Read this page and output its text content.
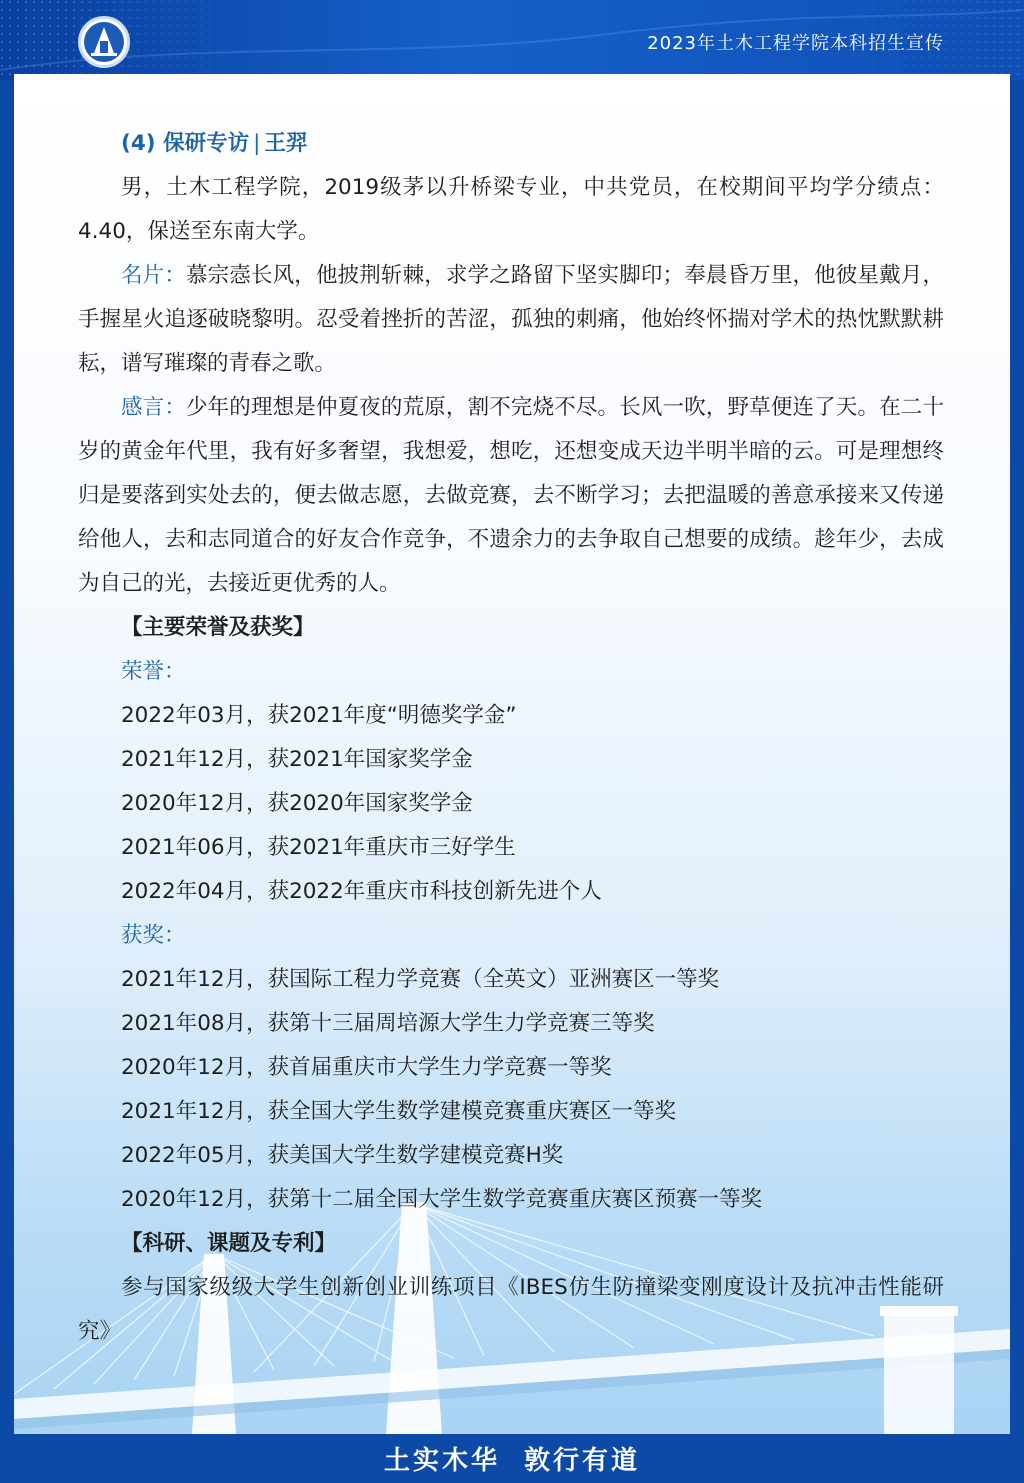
2023年土木工程学院本科招生宣传
(4) 保研专访 | 王羿

男，土木工程学院，2019级茅以升桥梁专业，中共党员，在校期间平均学分绩点：4.40，保送至东南大学。

名片：慕宗悫长风，他披荆斩棘，求学之路留下坚实脚印；奉晨昏万里，他彼星戴月，手握星火追逐破晓黎明。忍受着挫折的苦涩，孤独的刺痛，他始终怀揣对学术的热忱默默耕耘，谱写璀璨的青春之歌。

感言：少年的理想是仲夏夜的荒原，割不完烧不尽。长风一吹，野草便连了天。在二十岁的黄金年代里，我有好多奢望，我想爱，想吃，还想变成天边半明半暗的云。可是理想终归是要落到实处去的，便去做志愿，去做竞赛，去不断学习；去把温暖的善意承接来又传递给他人，去和志同道合的好友合作竞争，不遗余力的去争取自己想要的成绩。趁年少，去成为自己的光，去接近更优秀的人。

【主要荣誉及获奖】
荣誉：
2022年03月，获2021年度“明德奖学金”
2021年12月，获2021年国家奖学金
2020年12月，获2020年国家奖学金
2021年06月，获2021年重庆市三好学生
2022年04月，获2022年重庆市科技创新先进个人
获奖：
2021年12月，获国际工程力学竞赛（全英文）亚洲赛区一等奖
2021年08月，获第十三届周培源大学生力学竞赛三等奖
2020年12月，获首届重庆市大学生力学竞赛一等奖
2021年12月，获全国大学生数学建模竞赛重庆赛区一等奖
2022年05月，获美国大学生数学建模竞赛H奖
2020年12月，获第十二届全国大学生数学竞赛重庆赛区预赛一等奖
【科研、课题及专利】

参与国家级级大学生创新创业训练项目《IBES仿生防撞梁变刚度设计及抗冲击性能研究》

土实木华  敦行有道
